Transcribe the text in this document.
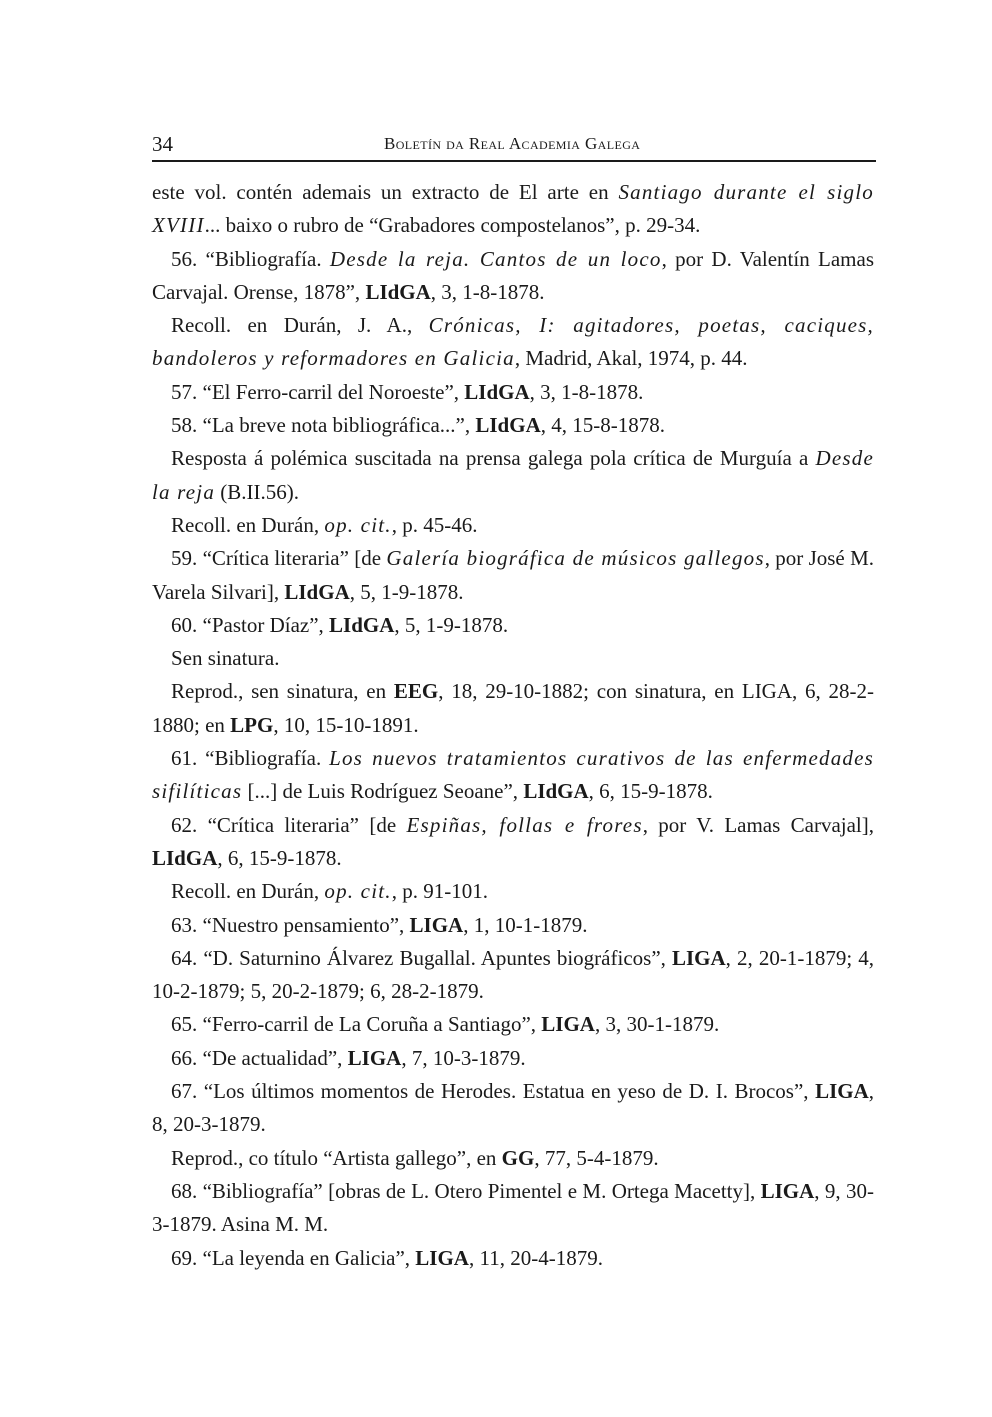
34	Boletín da Real Academia Galega

este vol. contén ademais un extracto de El arte en Santiago durante el siglo XVIII... baixo o rubro de “Grabadores compostelanos”, p. 29-34.

56. “Bibliografía. Desde la reja. Cantos de un loco, por D. Valentín Lamas Carvajal. Orense, 1878”, LIdGA, 3, 1-8-1878.

Recoll. en Durán, J. A., Crónicas, I: agitadores, poetas, caciques, bandoleros y reformadores en Galicia, Madrid, Akal, 1974, p. 44.

57. “El Ferro-carril del Noroeste”, LIdGA, 3, 1-8-1878.

58. “La breve nota bibliográfica...”, LIdGA, 4, 15-8-1878.

Resposta á polémica suscitada na prensa galega pola crítica de Murguía a Desde la reja (B.II.56).

Recoll. en Durán, op. cit., p. 45-46.

59. “Crítica literaria” [de Galería biográfica de músicos gallegos, por José M. Varela Silvari], LIdGA, 5, 1-9-1878.

60. “Pastor Díaz”, LIdGA, 5, 1-9-1878.

Sen sinatura.

Reprod., sen sinatura, en EEG, 18, 29-10-1882; con sinatura, en LIGA, 6, 28-2-1880; en LPG, 10, 15-10-1891.

61. “Bibliografía. Los nuevos tratamientos curativos de las enfermedades sifilíticas [...] de Luis Rodríguez Seoane”, LIdGA, 6, 15-9-1878.

62. “Crítica literaria” [de Espiñas, follas e frores, por V. Lamas Carvajal], LIdGA, 6, 15-9-1878.

Recoll. en Durán, op. cit., p. 91-101.

63. “Nuestro pensamiento”, LIGA, 1, 10-1-1879.

64. “D. Saturnino Álvarez Bugallal. Apuntes biográficos”, LIGA, 2, 20-1-1879; 4, 10-2-1879; 5, 20-2-1879; 6, 28-2-1879.

65. “Ferro-carril de La Coruña a Santiago”, LIGA, 3, 30-1-1879.

66. “De actualidad”, LIGA, 7, 10-3-1879.

67. “Los últimos momentos de Herodes. Estatua en yeso de D. I. Brocos”, LIGA, 8, 20-3-1879.

Reprod., co título “Artista gallego”, en GG, 77, 5-4-1879.

68. “Bibliografía” [obras de L. Otero Pimentel e M. Ortega Macetty], LIGA, 9, 30-3-1879. Asina M. M.

69. “La leyenda en Galicia”, LIGA, 11, 20-4-1879.
